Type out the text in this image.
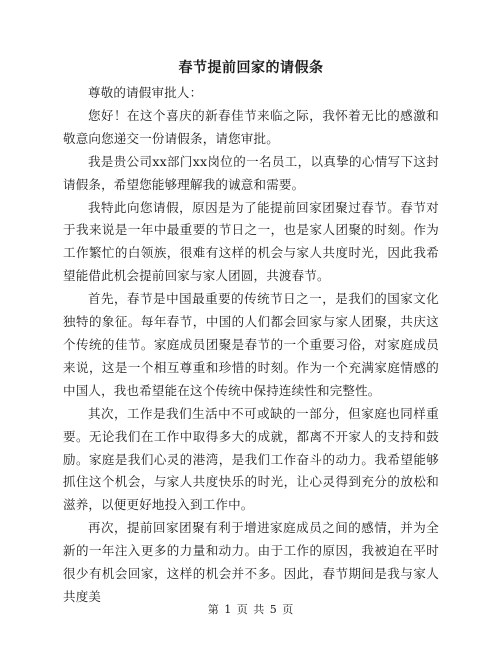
春节提前回家的请假条

尊敬的请假审批人：

您好！在这个喜庆的新春佳节来临之际，我怀着无比的感激和敬意向您递交一份请假条，请您审批。

我是贵公司xx部门xx岗位的一名员工，以真挚的心情写下这封请假条，希望您能够理解我的诚意和需要。

我特此向您请假，原因是为了能提前回家团聚过春节。春节对于我来说是一年中最重要的节日之一，也是家人团聚的时刻。作为工作繁忙的白领族，很难有这样的机会与家人共度时光，因此我希望能借此机会提前回家与家人团圆，共渡春节。

首先，春节是中国最重要的传统节日之一，是我们的国家文化独特的象征。每年春节，中国的人们都会回家与家人团聚，共庆这个传统的佳节。家庭成员团聚是春节的一个重要习俗，对家庭成员来说，这是一个相互尊重和珍惜的时刻。作为一个充满家庭情感的中国人，我也希望能在这个传统中保持连续性和完整性。

其次，工作是我们生活中不可或缺的一部分，但家庭也同样重要。无论我们在工作中取得多大的成就，都离不开家人的支持和鼓励。家庭是我们心灵的港湾，是我们工作奋斗的动力。我希望能够抓住这个机会，与家人共度快乐的时光，让心灵得到充分的放松和滋养，以便更好地投入到工作中。

再次，提前回家团聚有利于增进家庭成员之间的感情，并为全新的一年注入更多的力量和动力。由于工作的原因，我被迫在平时很少有机会回家，这样的机会并不多。因此，春节期间是我与家人共度美

第 1 页 共 5 页
